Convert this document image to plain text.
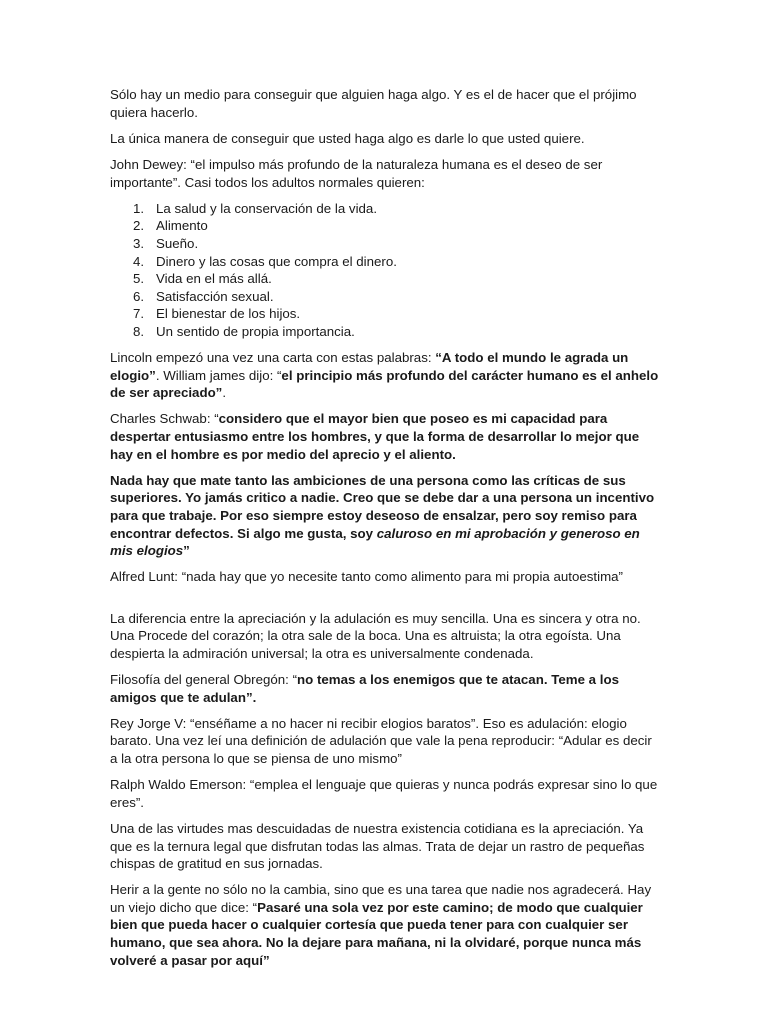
Sólo hay un medio para conseguir que alguien haga algo. Y es el de hacer que el prójimo quiera hacerlo.

La única manera de conseguir que usted haga algo es darle lo que usted quiere.

John Dewey: “el impulso más profundo de la naturaleza humana es el deseo de ser importante”. Casi todos los adultos normales quieren:

1. La salud y la conservación de la vida.
2. Alimento
3. Sueño.
4. Dinero y las cosas que compra el dinero.
5. Vida en el más allá.
6. Satisfacción sexual.
7. El bienestar de los hijos.
8. Un sentido de propia importancia.

Lincoln empezó una vez una carta con estas palabras: “A todo el mundo le agrada un elogio”. William james dijo: “el principio más profundo del carácter humano es el anhelo de ser apreciado”.

Charles Schwab: “considero que el mayor bien que poseo es mi capacidad para despertar entusiasmo entre los hombres, y que la forma de desarrollar lo mejor que hay en el hombre es por medio del aprecio y el aliento.

Nada hay que mate tanto las ambiciones de una persona como las críticas de sus superiores. Yo jamás critico a nadie. Creo que se debe dar a una persona un incentivo para que trabaje. Por eso siempre estoy deseoso de ensalzar, pero soy remiso para encontrar defectos. Si algo me gusta, soy caluroso en mi aprobación y generoso en mis elogios”

Alfred Lunt: “nada hay que yo necesite tanto como alimento para mi propia autoestima”

La diferencia entre la apreciación y la adulación es muy sencilla. Una es sincera y otra no. Una Procede del corazón; la otra sale de la boca. Una es altruista; la otra egoísta. Una despierta la admiración universal; la otra es universalmente condenada.

Filosofía del general Obregón: “no temas a los enemigos que te atacan. Teme a los amigos que te adulan”.

Rey Jorge V: “enséñame a no hacer ni recibir elogios baratos”. Eso es adulación: elogio barato. Una vez leí una definición de adulación que vale la pena reproducir: “Adular es decir a la otra persona lo que se piensa de uno mismo”

Ralph Waldo Emerson: “emplea el lenguaje que quieras y nunca podrás expresar sino lo que eres”.

Una de las virtudes mas descuidadas de nuestra existencia cotidiana es la apreciación. Ya que es la ternura legal que disfrutan todas las almas. Trata de dejar un rastro de pequeñas chispas de gratitud en sus jornadas.

Herir a la gente no sólo no la cambia, sino que es una tarea que nadie nos agradecerá. Hay un viejo dicho que dice: “Pasaré una sola vez por este camino; de modo que cualquier bien que pueda hacer o cualquier cortesía que pueda tener para con cualquier ser humano, que sea ahora. No la dejare para mañana, ni la olvidaré, porque nunca más volveré a pasar por aquí”
